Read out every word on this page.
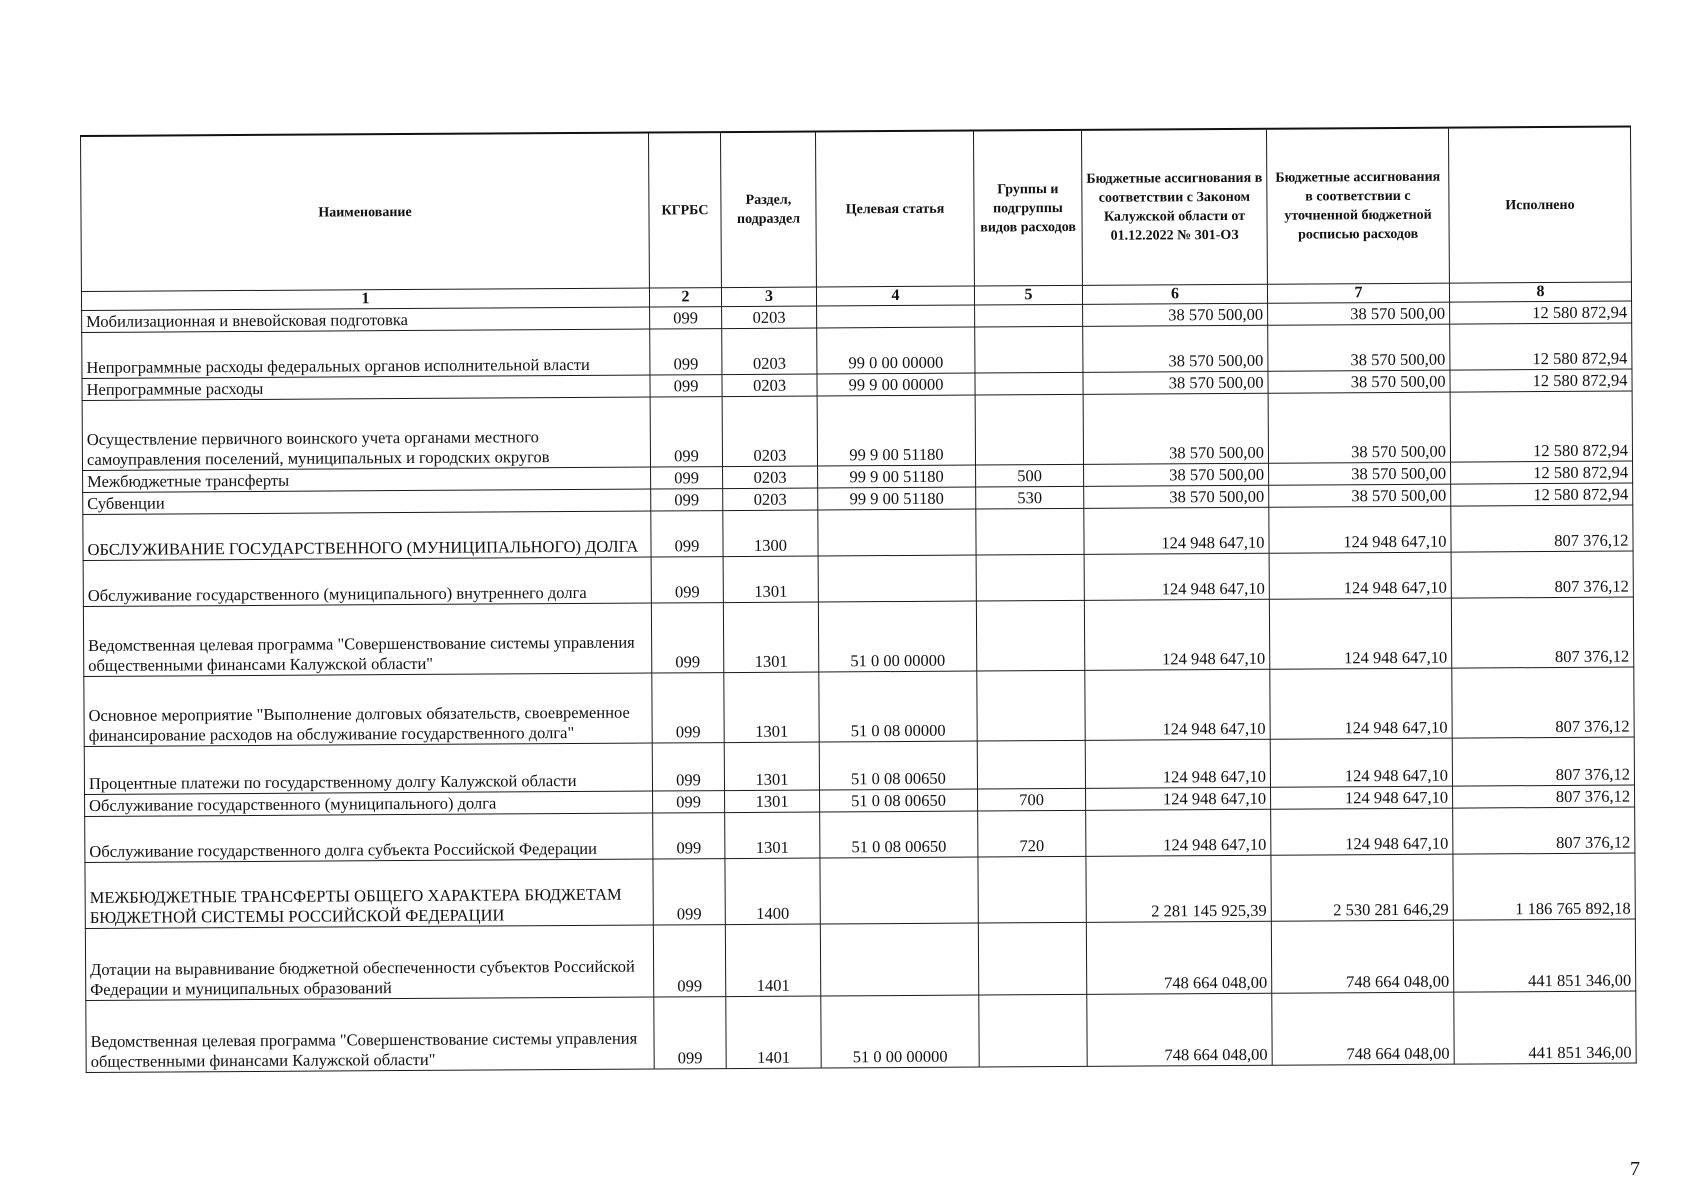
Наименование	КГРБС	Раздел, подраздел	Целевая статья	Группы и подгруппы видов расходов	Бюджетные ассигнования в соответствии с Законом Калужской области от 01.12.2022 № 301-ОЗ	Бюджетные ассигнования в соответствии с уточненной бюджетной росписью расходов	Исполнено
1	2	3	4	5	6	7	8
Мобилизационная и вневойсковая подготовка	099	0203			38 570 500,00	38 570 500,00	12 580 872,94
Непрограммные расходы федеральных органов исполнительной власти	099	0203	99 0 00 00000		38 570 500,00	38 570 500,00	12 580 872,94
Непрограммные расходы	099	0203	99 9 00 00000		38 570 500,00	38 570 500,00	12 580 872,94
Осуществление первичного воинского учета органами местного самоуправления поселений, муниципальных и городских округов	099	0203	99 9 00 51180		38 570 500,00	38 570 500,00	12 580 872,94
Межбюджетные трансферты	099	0203	99 9 00 51180	500	38 570 500,00	38 570 500,00	12 580 872,94
Субвенции	099	0203	99 9 00 51180	530	38 570 500,00	38 570 500,00	12 580 872,94
ОБСЛУЖИВАНИЕ ГОСУДАРСТВЕННОГО (МУНИЦИПАЛЬНОГО) ДОЛГА	099	1300			124 948 647,10	124 948 647,10	807 376,12
Обслуживание государственного (муниципального) внутреннего долга	099	1301			124 948 647,10	124 948 647,10	807 376,12
Ведомственная целевая программа "Совершенствование системы управления общественными финансами Калужской области"	099	1301	51 0 00 00000		124 948 647,10	124 948 647,10	807 376,12
Основное мероприятие "Выполнение долговых обязательств, своевременное финансирование расходов на обслуживание государственного долга"	099	1301	51 0 08 00000		124 948 647,10	124 948 647,10	807 376,12
Процентные платежи по государственному долгу Калужской области	099	1301	51 0 08 00650		124 948 647,10	124 948 647,10	807 376,12
Обслуживание государственного (муниципального) долга	099	1301	51 0 08 00650	700	124 948 647,10	124 948 647,10	807 376,12
Обслуживание государственного долга субъекта Российской Федерации	099	1301	51 0 08 00650	720	124 948 647,10	124 948 647,10	807 376,12
МЕЖБЮДЖЕТНЫЕ ТРАНСФЕРТЫ ОБЩЕГО ХАРАКТЕРА БЮДЖЕТАМ БЮДЖЕТНОЙ СИСТЕМЫ РОССИЙСКОЙ ФЕДЕРАЦИИ	099	1400			2 281 145 925,39	2 530 281 646,29	1 186 765 892,18
Дотации на выравнивание бюджетной обеспеченности субъектов Российской Федерации и муниципальных образований	099	1401			748 664 048,00	748 664 048,00	441 851 346,00
Ведомственная целевая программа "Совершенствование системы управления общественными финансами Калужской области"	099	1401	51 0 00 00000		748 664 048,00	748 664 048,00	441 851 346,00
7
